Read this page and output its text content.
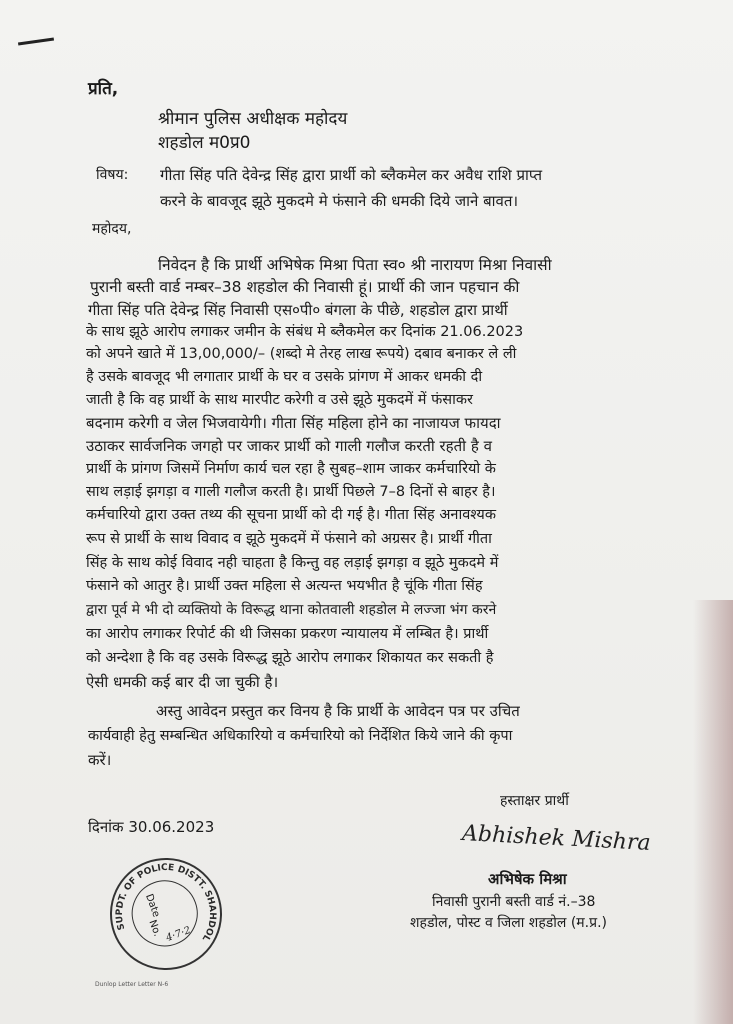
प्रति,
श्रीमान पुलिस अधीक्षक महोदय
शहडोल म0प्र0
विषय: गीता सिंह पति देवेन्द्र सिंह द्वारा प्रार्थी को ब्लैकमेल कर अवैध राशि प्राप्त
करने के बावजूद झूठे मुकदमे मे फंसाने की धमकी दिये जाने बावत।
महोदय,
निवेदन है कि प्रार्थी अभिषेक मिश्रा पिता स्व० श्री नारायण मिश्रा निवासी
पुरानी बस्ती वार्ड नम्बर–38 शहडोल की निवासी हूं। प्रार्थी की जान पहचान की
गीता सिंह पति देवेन्द्र सिंह निवासी एस०पी० बंगला के पीछे, शहडोल द्वारा प्रार्थी
के साथ झूठे आरोप लगाकर जमीन के संबंध मे ब्लैकमेल कर दिनांक 21.06.2023
को अपने खाते में 13,00,000/– (शब्दो मे तेरह लाख रूपये) दबाव बनाकर ले ली
है उसके बावजूद भी लगातार प्रार्थी के घर व उसके प्रांगण में आकर धमकी दी
जाती है कि वह प्रार्थी के साथ मारपीट करेगी व उसे झूठे मुकदमें में फंसाकर
बदनाम करेगी व जेल भिजवायेगी। गीता सिंह महिला होने का नाजायज फायदा
उठाकर सार्वजनिक जगहो पर जाकर प्रार्थी को गाली गलौज करती रहती है व
प्रार्थी के प्रांगण जिसमें निर्माण कार्य चल रहा है सुबह–शाम जाकर कर्मचारियो के
साथ लड़ाई झगड़ा व गाली गलौज करती है। प्रार्थी पिछले 7–8 दिनों से बाहर है।
कर्मचारियो द्वारा उक्त तथ्य की सूचना प्रार्थी को दी गई है। गीता सिंह अनावश्यक
रूप से प्रार्थी के साथ विवाद व झूठे मुकदमें में फंसाने को अग्रसर है। प्रार्थी गीता
सिंह के साथ कोई विवाद नही चाहता है किन्तु वह लड़ाई झगड़ा व झूठे मुकदमे में
फंसाने को आतुर है। प्रार्थी उक्त महिला से अत्यन्त भयभीत है चूंकि गीता सिंह
द्वारा पूर्व मे भी दो व्यक्तियो के विरूद्ध थाना कोतवाली शहडोल मे लज्जा भंग करने
का आरोप लगाकर रिपोर्ट की थी जिसका प्रकरण न्यायालय में लम्बित है। प्रार्थी
को अन्देशा है कि वह उसके विरूद्ध झूठे आरोप लगाकर शिकायत कर सकती है
ऐसी धमकी कई बार दी जा चुकी है।
अस्तु आवेदन प्रस्तुत कर विनय है कि प्रार्थी के आवेदन पत्र पर उचित
कार्यवाही हेतु सम्बन्धित अधिकारियो व कर्मचारियो को निर्देशित किये जाने की कृपा
करें।
दिनांक 30.06.2023
हस्ताक्षर प्रार्थी
Abhishek Mishra
अभिषेक मिश्रा
निवासी पुरानी बस्ती वार्ड नं.–38
शहडोल, पोस्ट व जिला शहडोल (म.प्र.)
SUPDT. OF POLICE DISTT. SHAHDOL
Date
No. 4·7·2
Dunlop Letter Letter N-6
